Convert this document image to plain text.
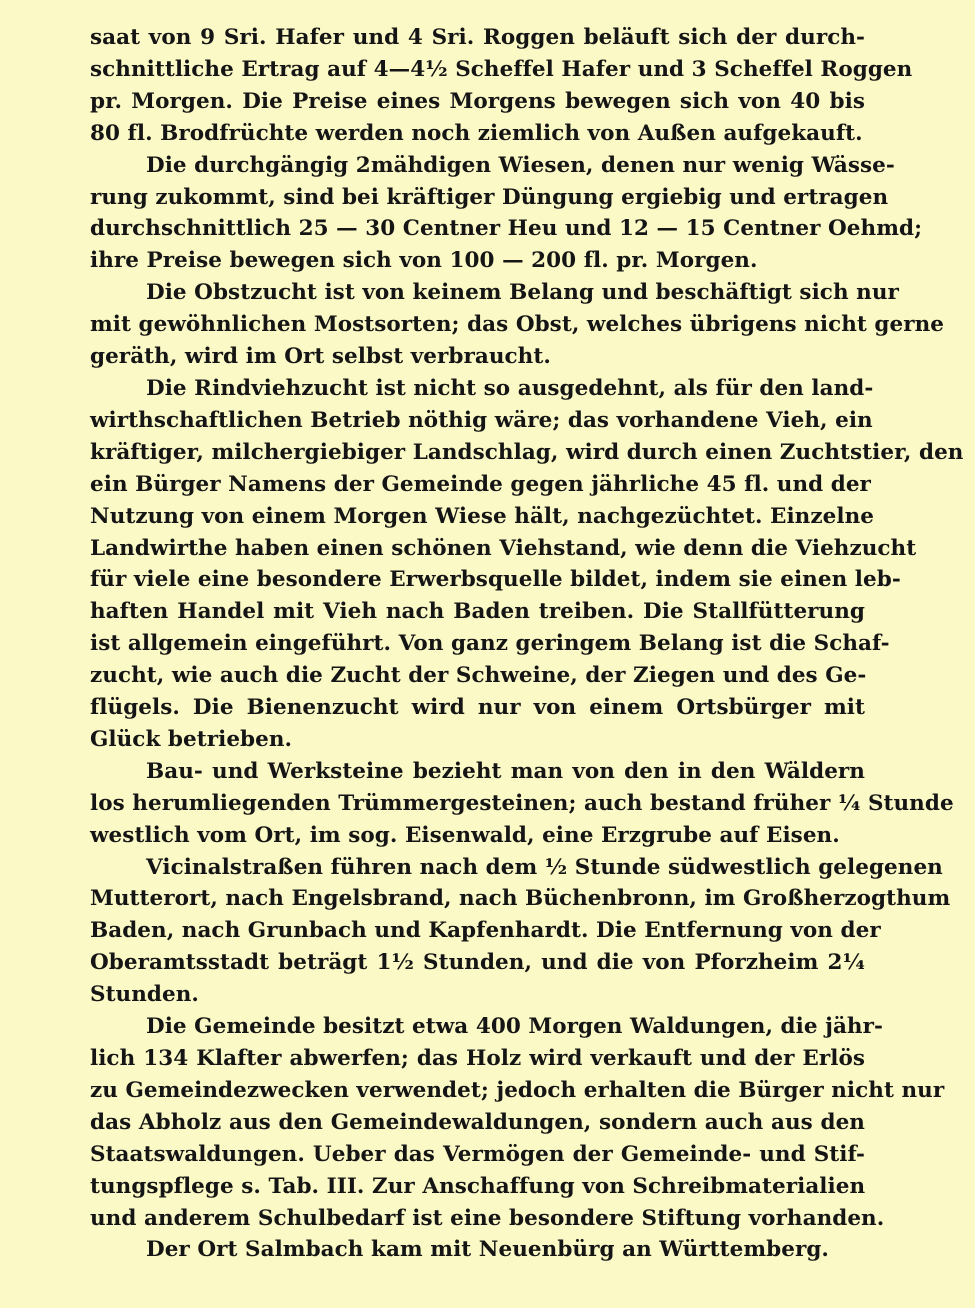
saat von 9 Sri. Hafer und 4 Sri. Roggen beläuft sich der durch-
schnittliche Ertrag auf 4—4½ Scheffel Hafer und 3 Scheffel Roggen
pr. Morgen. Die Preise eines Morgens bewegen sich von 40 bis
80 fl. Brodfrüchte werden noch ziemlich von Außen aufgekauft.
Die durchgängig 2mähdigen Wiesen, denen nur wenig Wässe-
rung zukommt, sind bei kräftiger Düngung ergiebig und ertragen
durchschnittlich 25 — 30 Centner Heu und 12 — 15 Centner Oehmd;
ihre Preise bewegen sich von 100 — 200 fl. pr. Morgen.
Die Obstzucht ist von keinem Belang und beschäftigt sich nur
mit gewöhnlichen Mostsorten; das Obst, welches übrigens nicht gerne
geräth, wird im Ort selbst verbraucht.
Die Rindviehzucht ist nicht so ausgedehnt, als für den land-
wirthschaftlichen Betrieb nöthig wäre; das vorhandene Vieh, ein
kräftiger, milchergiebiger Landschlag, wird durch einen Zuchtstier, den
ein Bürger Namens der Gemeinde gegen jährliche 45 fl. und der
Nutzung von einem Morgen Wiese hält, nachgezüchtet. Einzelne
Landwirthe haben einen schönen Viehstand, wie denn die Viehzucht
für viele eine besondere Erwerbsquelle bildet, indem sie einen leb-
haften Handel mit Vieh nach Baden treiben. Die Stallfütterung
ist allgemein eingeführt. Von ganz geringem Belang ist die Schaf-
zucht, wie auch die Zucht der Schweine, der Ziegen und des Ge-
flügels. Die Bienenzucht wird nur von einem Ortsbürger mit
Glück betrieben.
Bau- und Werksteine bezieht man von den in den Wäldern
los herumliegenden Trümmergesteinen; auch bestand früher ¼ Stunde
westlich vom Ort, im sog. Eisenwald, eine Erzgrube auf Eisen.
Vicinalstraßen führen nach dem ½ Stunde südwestlich gelegenen
Mutterort, nach Engelsbrand, nach Büchenbronn, im Großherzogthum
Baden, nach Grunbach und Kapfenhardt. Die Entfernung von der
Oberamtsstadt beträgt 1½ Stunden, und die von Pforzheim 2¼
Stunden.
Die Gemeinde besitzt etwa 400 Morgen Waldungen, die jähr-
lich 134 Klafter abwerfen; das Holz wird verkauft und der Erlös
zu Gemeindezwecken verwendet; jedoch erhalten die Bürger nicht nur
das Abholz aus den Gemeindewaldungen, sondern auch aus den
Staatswaldungen. Ueber das Vermögen der Gemeinde- und Stif-
tungspflege s. Tab. III. Zur Anschaffung von Schreibmaterialien
und anderem Schulbedarf ist eine besondere Stiftung vorhanden.
Der Ort Salmbach kam mit Neuenbürg an Württemberg.
